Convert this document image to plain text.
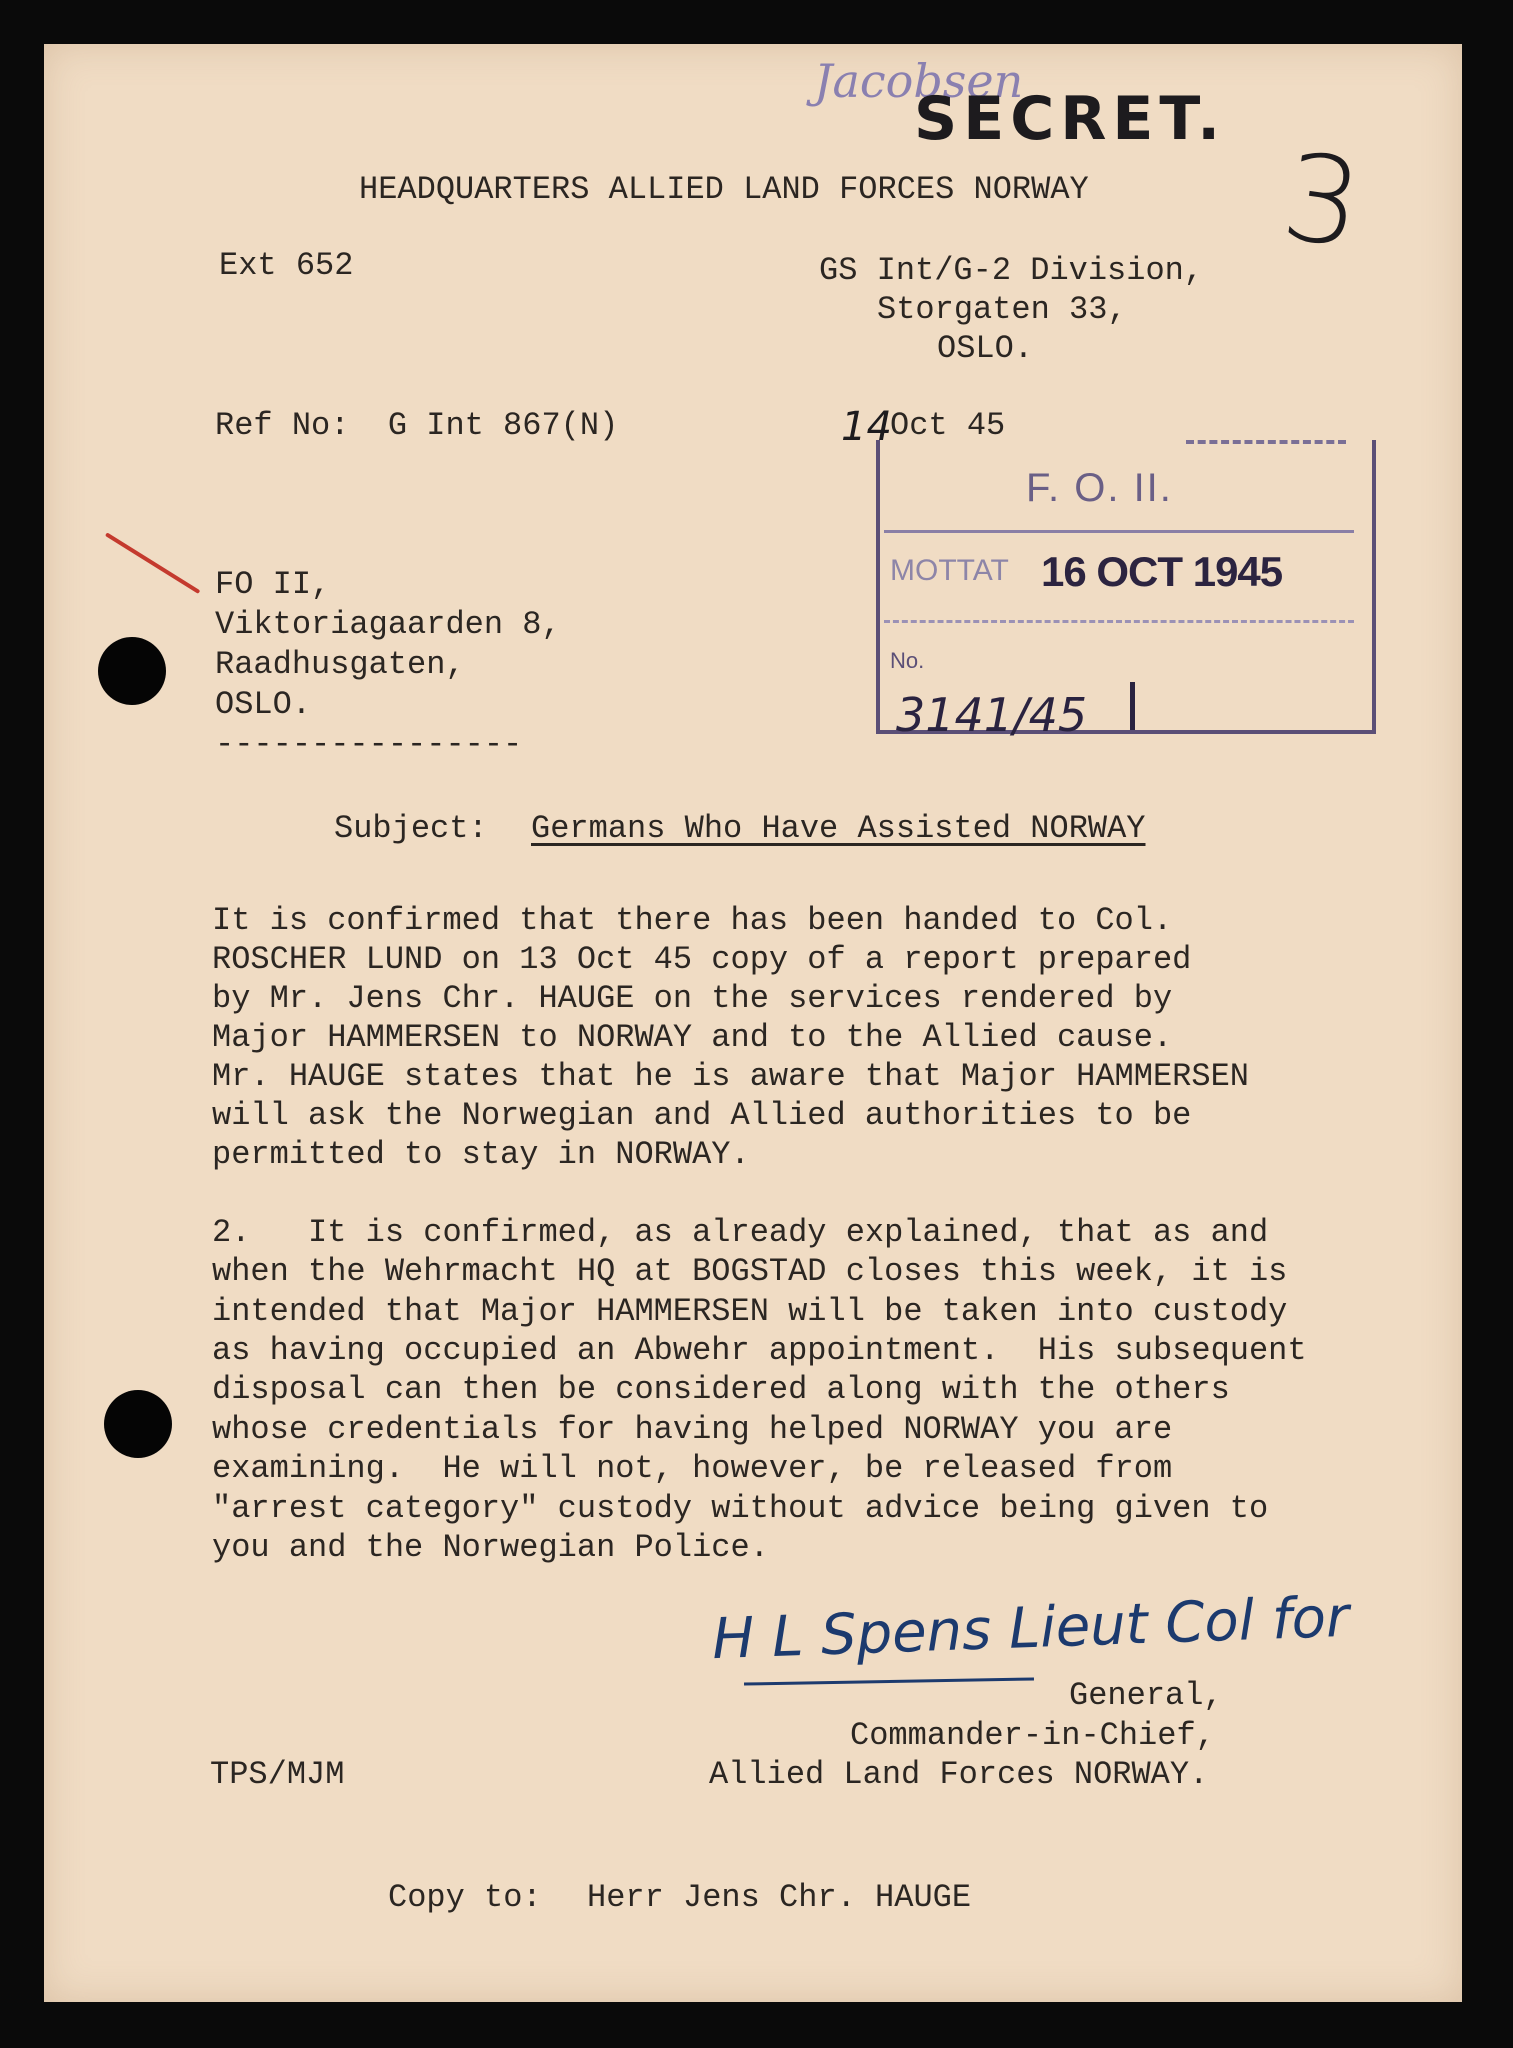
Jacobsen
SECRET.
3
HEADQUARTERS ALLIED LAND FORCES NORWAY
Ext 652	GS Int/G-2 Division,
Storgaten 33,
OSLO.
Ref No:  G Int 867(N)	14
Oct 45
F. O. II.
MOTTAT 16 OCT 1945
No.
3141/45
FO II,
Viktoriagaarden 8,
Raadhusgaten,
OSLO.
----------------
Subject: Germans Who Have Assisted NORWAY
It is confirmed that there has been handed to Col.
ROSCHER LUND on 13 Oct 45 copy of a report prepared
by Mr. Jens Chr. HAUGE on the services rendered by
Major HAMMERSEN to NORWAY and to the Allied cause.
Mr. HAUGE states that he is aware that Major HAMMERSEN
will ask the Norwegian and Allied authorities to be
permitted to stay in NORWAY.
2.   It is confirmed, as already explained, that as and
when the Wehrmacht HQ at BOGSTAD closes this week, it is
intended that Major HAMMERSEN will be taken into custody
as having occupied an Abwehr appointment.  His subsequent
disposal can then be considered along with the others
whose credentials for having helped NORWAY you are
examining.  He will not, however, be released from
"arrest category" custody without advice being given to
you and the Norwegian Police.
H L Spens Lieut Col for
General,
Commander-in-Chief,
Allied Land Forces NORWAY.
TPS/MJM
Copy to: Herr Jens Chr. HAUGE
